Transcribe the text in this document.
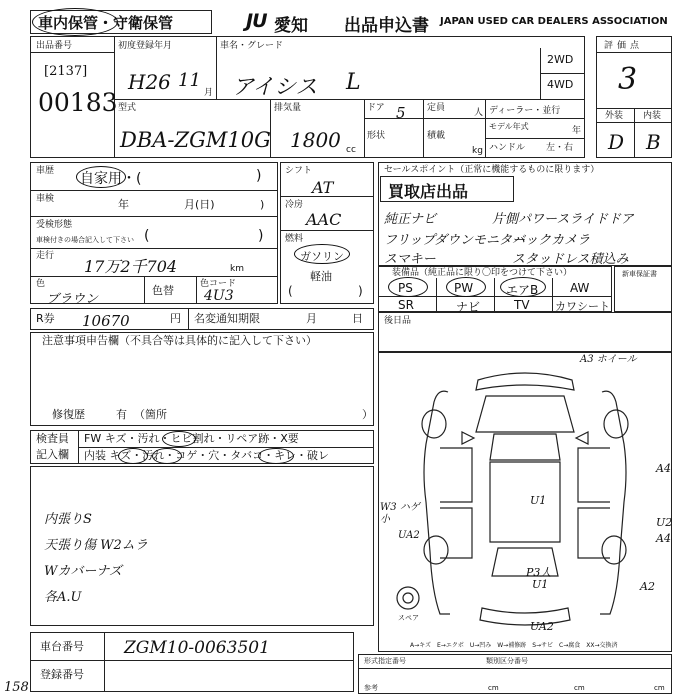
車内保管・守衛保管	JU 愛知 出品申込書 JAPAN USED CAR DEALERS ASSOCIATION
出品番号
[2137]
00183
初度登録年月
H26 11
月
車名・グレード
アイシス L
2WD
4WD
型式
DBA-ZGM10G
排気量
1800 cc
ドア 5 定員	人
形状	積載
kg
ディーラー・並行
モデル年式	年
ハンドル 左・右
評価点
3
外装 内装
D B
車歴 自家用・(	)
車検	年	月(日)	)
受検形態
車検付きの場合記入して下さい (	)
走行
17万2千704	km
色
ブラウン
色替	色コード
4U3
シフト
AT
冷房
AAC
燃料
ガソリン
軽油
(	)
セールスポイント（正常に機能するものに限ります）
買取店出品
純正ナビ	片側パワースライドドア
フリップダウンモニター
バックカメラ
スマキー	スタッドレス積込み
装備品（純正品に限り〇印をつけて下さい）
PS	PW	エアB	AW
SR	ナビ	TV カワシート
新車保証書
R券 10670	円 名変通知期限	月	日
注意事項申告欄（不具合等は具体的に記入して下さい）
修復歴	有 （箇所	）
後日品
検査員
記入欄
FW キズ・汚れ・ヒビ割れ・リペア跡・X要
内装 キズ・汚れ・コゲ・穴・タバコ・キレ・破レ
内張りS
天張り傷 W2ムラ
Wカバーナズ
各A.U
A3 ホイール
A4
U1
W3 ハゲ 小
UA2
U2
A4
P3人
U1	A2
UA2
スペア
A→キズ　E→エクボ　U→凹み　W→補修跡　S→サビ　C→腐食　XX→交換済
車台番号 ZGM10-0063501
登録番号
158
形式指定番号	類別区分番号
参考	cm	cm	cm
